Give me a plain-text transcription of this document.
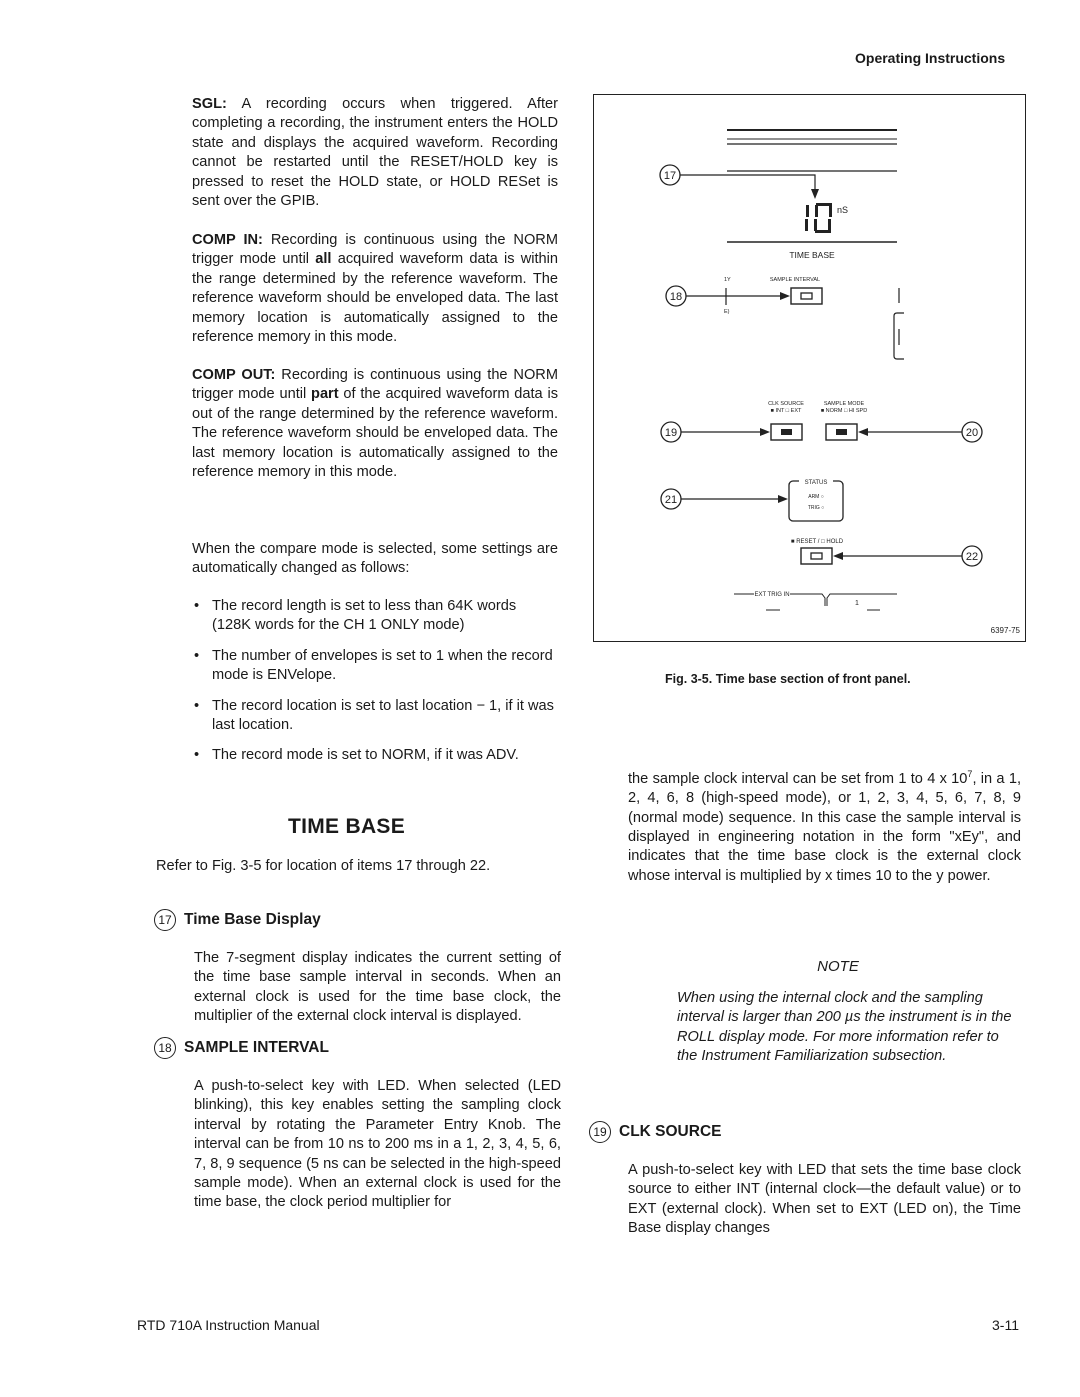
Operating Instructions

SGL: A recording occurs when triggered. After completing a recording, the instrument enters the HOLD state and displays the acquired waveform. Recording cannot be restarted until the RESET/HOLD key is pressed to reset the HOLD state, or HOLD RESet is sent over the GPIB.

COMP IN: Recording is continuous using the NORM trigger mode until all acquired waveform data is within the range determined by the reference waveform. The reference waveform should be enveloped data. The last memory location is automatically assigned to the reference memory in this mode.

COMP OUT: Recording is continuous using the NORM trigger mode until part of the acquired waveform data is out of the range determined by the reference waveform. The reference waveform should be enveloped data. The last memory location is automatically assigned to the reference memory in this mode.

When the compare mode is selected, some settings are automatically changed as follows:

• The record length is set to less than 64K words (128K words for the CH 1 ONLY mode)
• The number of envelopes is set to 1 when the record mode is ENVelope.
• The record location is set to last location − 1, if it was last location.
• The record mode is set to NORM, if it was ADV.
TIME BASE

Refer to Fig. 3-5 for location of items 17 through 22.

17 Time Base Display

The 7-segment display indicates the current setting of the time base sample interval in seconds. When an external clock is used for the time base clock, the multiplier of the external clock interval is displayed.

18 SAMPLE INTERVAL

A push-to-select key with LED. When selected (LED blinking), this key enables setting the sampling clock interval by rotating the Parameter Entry Knob. The interval can be from 10 ns to 200 ms in a 1, 2, 3, 4, 5, 6, 7, 8, 9 sequence (5 ns can be selected in the high-speed sample mode). When an external clock is used for the time base, the clock period multiplier for

17
nS
TIME BASE
SAMPLE INTERVAL
1Y
E)
18
CLK SOURCE
■ INT □ EXT
SAMPLE MODE
■ NORM □ HI SPD
19	20
STATUS
ARM ○
TRIG ○
21
■ RESET / □ HOLD
22
EXT TRIG IN
1
6397-75
Fig. 3-5. Time base section of front panel.

the sample clock interval can be set from 1 to 4 x $10^7$, in a 1, 2, 4, 6, 8 (high-speed mode), or 1, 2, 3, 4, 5, 6, 7, 8, 9 (normal mode) sequence. In this case the sample interval is displayed in engineering notation in the form "xEy", and indicates that the time base clock is the external clock whose interval is multiplied by x times 10 to the y power.

NOTE

When using the internal clock and the sampling interval is larger than 200 µs the instrument is in the ROLL display mode. For more information refer to the Instrument Familiarization subsection.

19 CLK SOURCE

A push-to-select key with LED that sets the time base clock source to either INT (internal clock—the default value) or to EXT (external clock). When set to EXT (LED on), the Time Base display changes

RTD 710A Instruction Manual	3-11
